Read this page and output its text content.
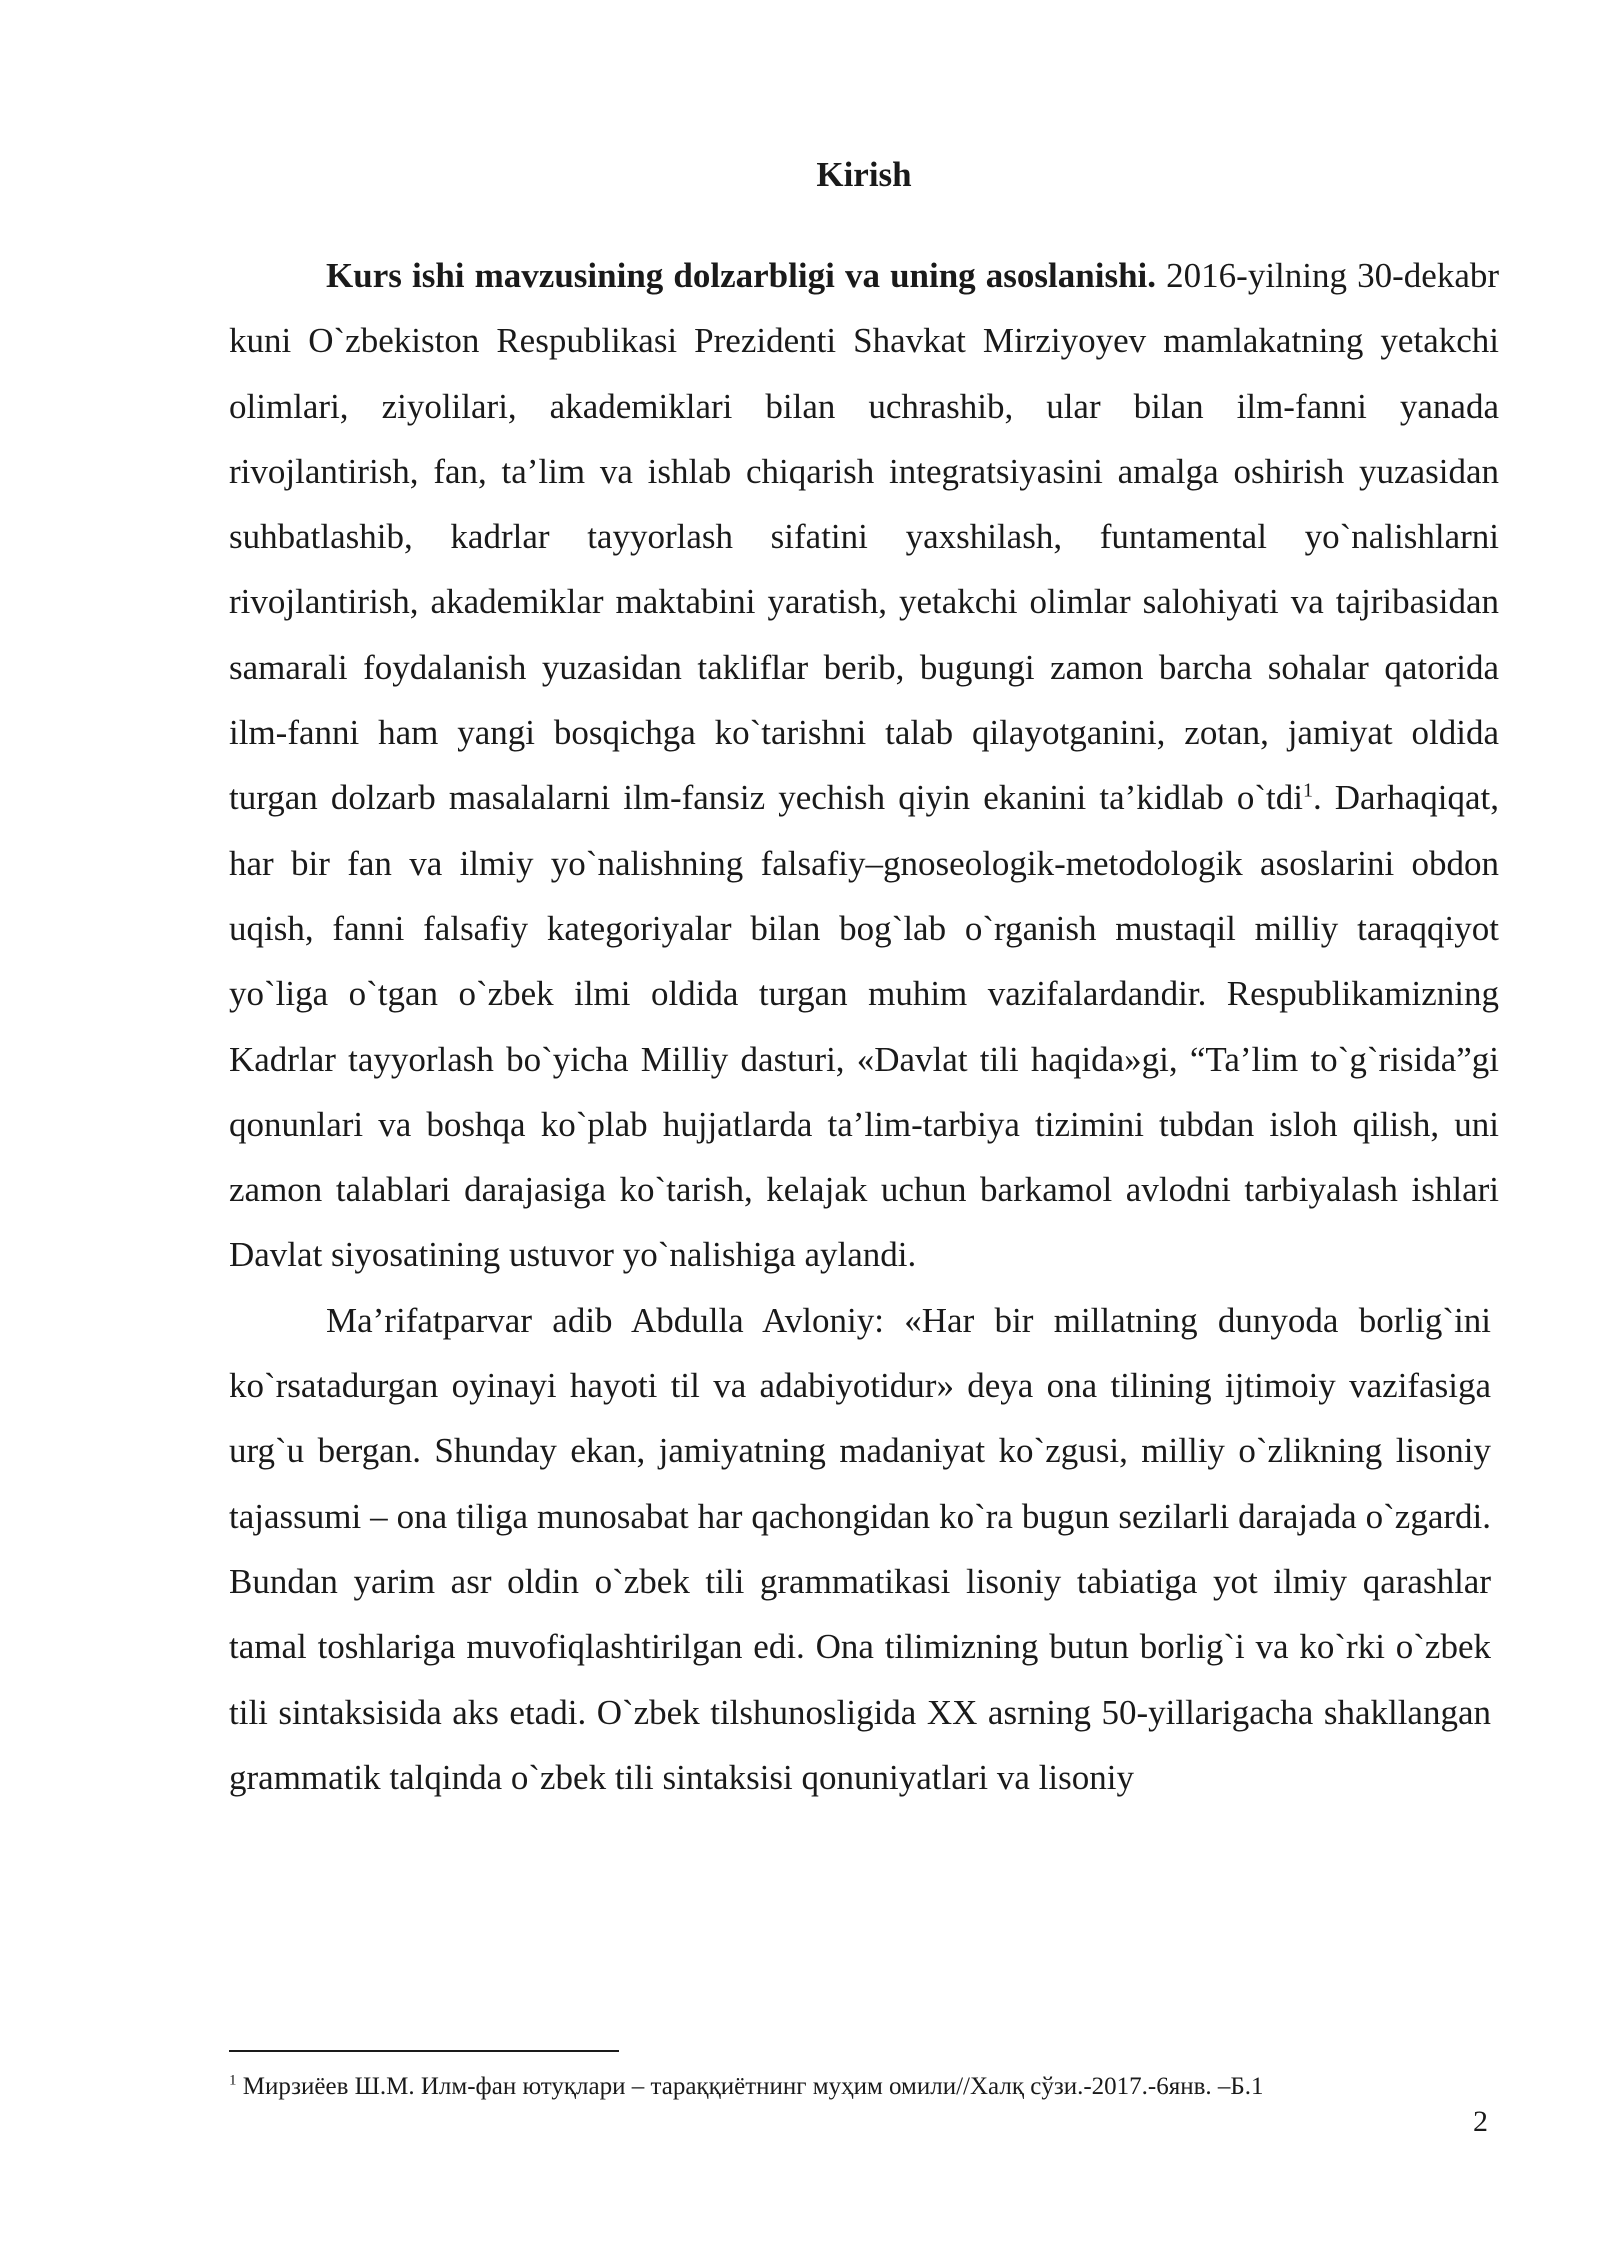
Kirish

Kurs ishi mavzusining dolzarbligi va uning asoslanishi. 2016-yilning 30-dekabr kuni O`zbekiston Respublikasi Prezidenti Shavkat Mirziyoyev mamlakatning yetakchi olimlari, ziyolilari, akademiklari bilan uchrashib, ular bilan ilm-fanni yanada rivojlantirish, fan, ta’lim va ishlab chiqarish integratsiyasini amalga oshirish yuzasidan suhbatlashib, kadrlar tayyorlash sifatini yaxshilash, funtamental yo`nalishlarni rivojlantirish, akademiklar maktabini yaratish, yetakchi olimlar salohiyati va tajribasidan samarali foydalanish yuzasidan takliflar berib, bugungi zamon barcha sohalar qatorida ilm-fanni ham yangi bosqichga ko`tarishni talab qilayotganini, zotan, jamiyat oldida turgan dolzarb masalalarni ilm-fansiz yechish qiyin ekanini ta’kidlab o`tdi$^1$. Darhaqiqat, har bir fan va ilmiy yo`nalishning falsafiy–gnoseologik-metodologik asoslarini obdon uqish, fanni falsafiy kategoriyalar bilan bog`lab o`rganish mustaqil milliy taraqqiyot yo`liga o`tgan o`zbek ilmi oldida turgan muhim vazifalardandir. Respublikamizning Kadrlar tayyorlash bo`yicha Milliy dasturi, «Davlat tili haqida»gi, “Ta’lim to`g`risida”gi qonunlari va boshqa ko`plab hujjatlarda ta’lim-tarbiya tizimini tubdan isloh qilish, uni zamon talablari darajasiga ko`tarish, kelajak uchun barkamol avlodni tarbiyalash ishlari Davlat siyosatining ustuvor yo`nalishiga aylandi.

Ma’rifatparvar adib Abdulla Avloniy: «Har bir millatning dunyoda borlig`ini ko`rsatadurgan oyinayi hayoti til va adabiyotidur» deya ona tilining ijtimoiy vazifasiga urg`u bergan. Shunday ekan, jamiyatning madaniyat ko`zgusi, milliy o`zlikning lisoniy tajassumi – ona tiliga munosabat har qachongidan ko`ra bugun sezilarli darajada o`zgardi. Bundan yarim asr oldin o`zbek tili grammatikasi lisoniy tabiatiga yot ilmiy qarashlar tamal toshlariga muvofiqlashtirilgan edi. Ona tilimizning butun borlig`i va ko`rki o`zbek tili sintaksisida aks etadi. O`zbek tilshunosligida XX asrning 50-yillarigacha shakllangan grammatik talqinda o`zbek tili sintaksisi qonuniyatlari va lisoniy

$^1$ Мирзиёев Ш.М. Илм-фан ютуқлари – тараққиётнинг муҳим омили//Халқ сўзи.-2017.-6янв. –Б.1
2
